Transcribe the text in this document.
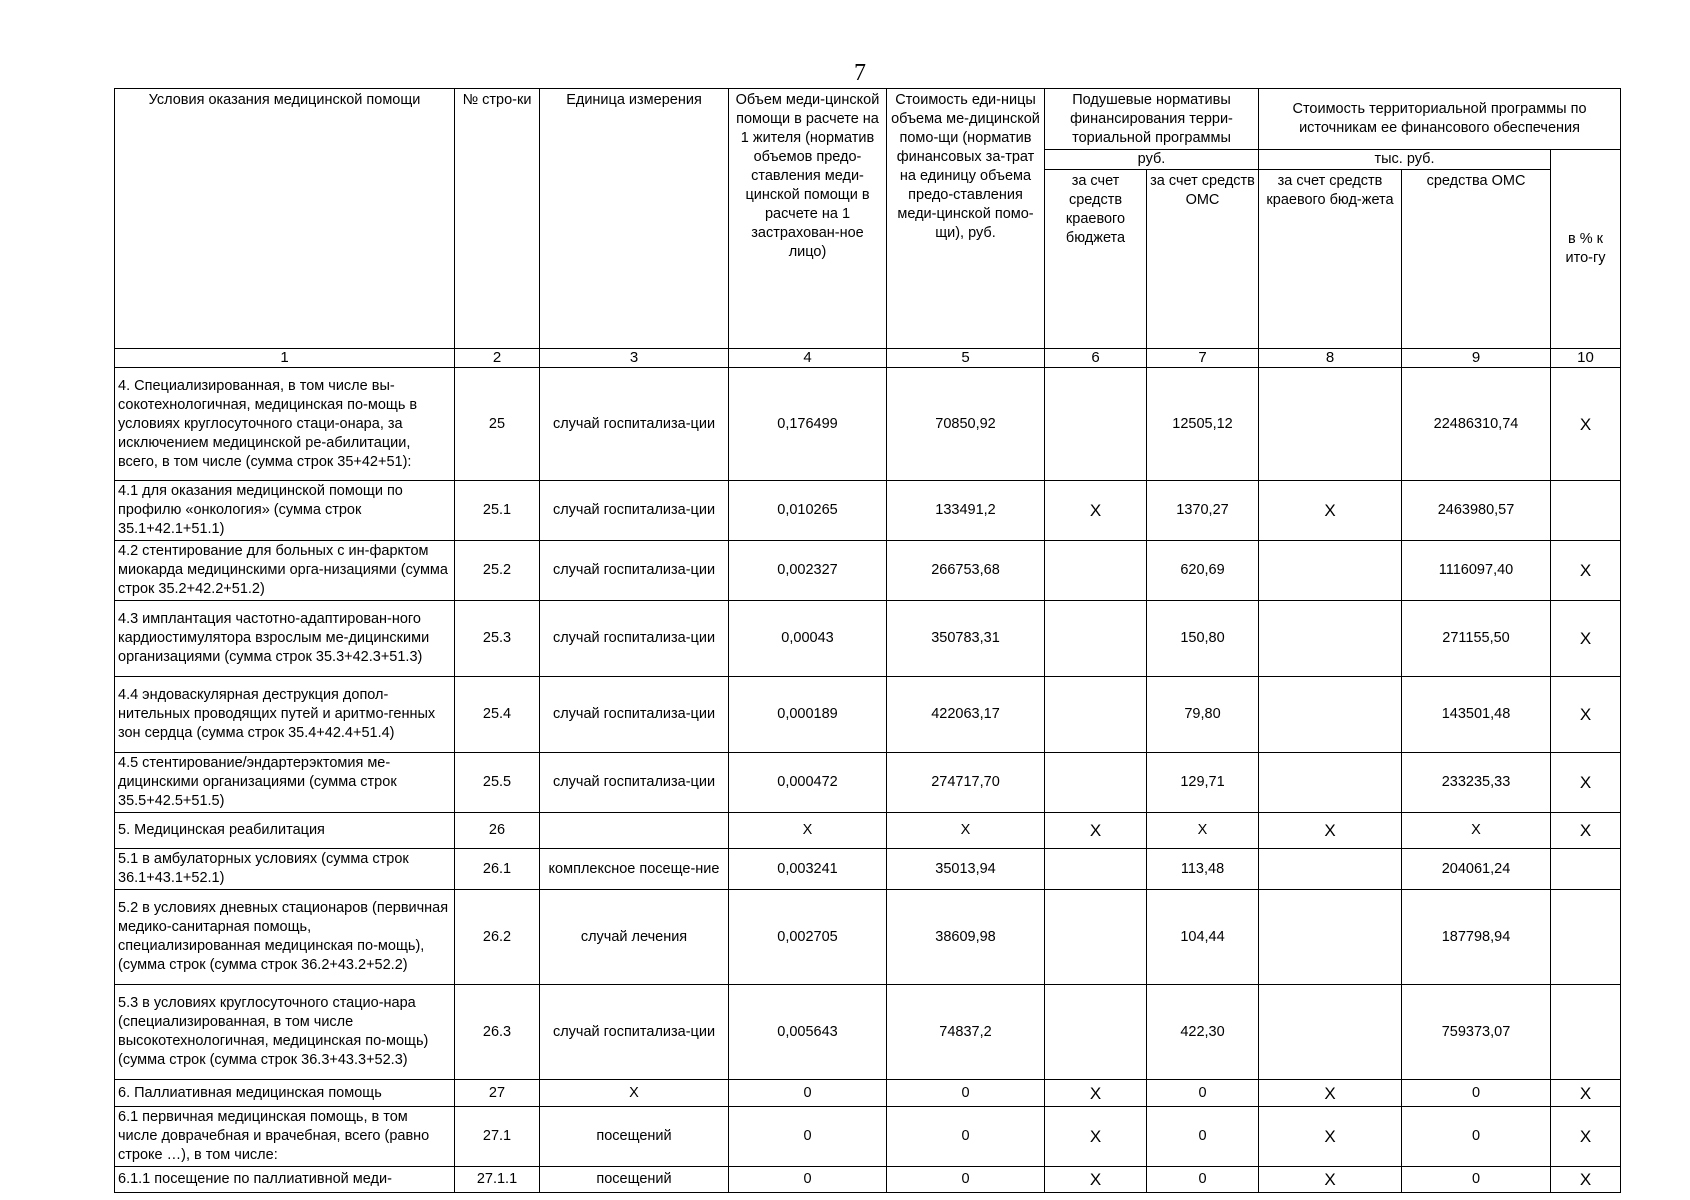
7
Условия оказания медицинской помощи	№ стро-ки	Единица измерения	Объем меди-цинской помощи в расчете на 1 жителя (норматив объемов предо-ставления меди-цинской помощи в расчете на 1 застрахован-ное лицо)	Стоимость еди-ницы объема ме-дицинской помо-щи (норматив финансовых за-трат на единицу объема предо-ставления меди-цинской помо-щи), руб.	Подушевые нормативы финансирования терри-ториальной программы		Стоимость территориальной программы по источникам ее финансового обеспечения		
					руб.		тыс. руб.		в % к ито-гу
					за счет средств краевого бюджета	за счет средств ОМС	за счет средств краевого бюд-жета	средства ОМС	
1	2	3	4	5	6	7	8	9	10
4. Специализированная, в том числе вы-сокотехнологичная, медицинская по-мощь в условиях круглосуточного стаци-онара, за исключением медицинской ре-абилитации, всего, в том числе (сумма строк 35+42+51):	25	случай госпитализа-ции	0,176499	70850,92		12505,12		22486310,74	Х
4.1 для оказания медицинской помощи по профилю «онкология» (сумма строк 35.1+42.1+51.1)	25.1	случай госпитализа-ции	0,010265	133491,2	Х	1370,27	Х	2463980,57	
4.2 стентирование для больных с ин-фарктом миокарда медицинскими орга-низациями (сумма строк 35.2+42.2+51.2)	25.2	случай госпитализа-ции	0,002327	266753,68		620,69		1116097,40	Х
4.3 имплантация частотно-адаптирован-ного кардиостимулятора взрослым ме-дицинскими организациями (сумма строк 35.3+42.3+51.3)	25.3	случай госпитализа-ции	0,00043	350783,31		150,80		271155,50	Х
4.4 эндоваскулярная деструкция допол-нительных проводящих путей и аритмо-генных зон сердца (сумма строк 35.4+42.4+51.4)	25.4	случай госпитализа-ции	0,000189	422063,17		79,80		143501,48	Х
4.5 стентирование/эндартерэктомия ме-дицинскими организациями (сумма строк 35.5+42.5+51.5)	25.5	случай госпитализа-ции	0,000472	274717,70		129,71		233235,33	Х
5. Медицинская реабилитация	26		Х	Х	Х	Х	Х	Х	Х
5.1 в амбулаторных условиях (сумма строк 36.1+43.1+52.1)	26.1	комплексное посеще-ние	0,003241	35013,94		113,48		204061,24	
5.2 в условиях дневных стационаров (первичная медико-санитарная помощь, специализированная медицинская по-мощь), (сумма строк (сумма строк 36.2+43.2+52.2)	26.2	случай лечения	0,002705	38609,98		104,44		187798,94	
5.3 в условиях круглосуточного стацио-нара (специализированная, в том числе высокотехнологичная, медицинская по-мощь) (сумма строк (сумма строк 36.3+43.3+52.3)	26.3	случай госпитализа-ции	0,005643	74837,2		422,30		759373,07	
6. Паллиативная медицинская помощь	27	Х	0	0	Х	0	Х	0	Х
6.1 первичная медицинская помощь, в том числе доврачебная и врачебная, всего (равно строке …), в том числе:	27.1	посещений	0	0	Х	0	Х	0	Х
6.1.1 посещение по паллиативной меди-	27.1.1	посещений	0	0	Х	0	Х	0	Х
